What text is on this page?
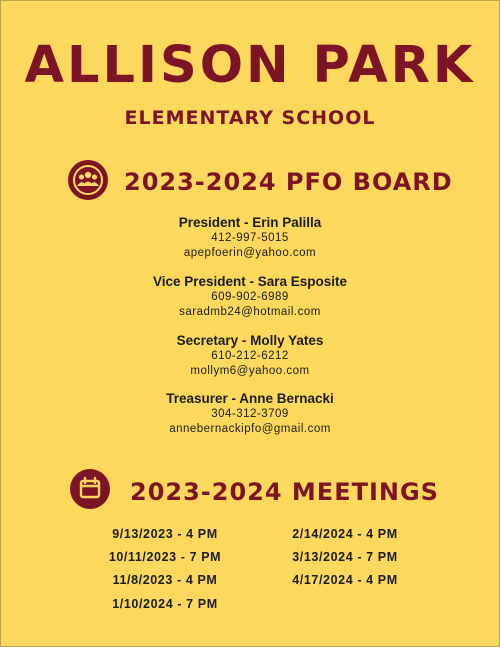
ALLISON PARK
ELEMENTARY SCHOOL
2023-2024 PFO BOARD
President - Erin Palilla
412-997-5015
apepfoerin@yahoo.com
Vice President - Sara Esposite
609-902-6989
saradmb24@hotmail.com
Secretary - Molly Yates
610-212-6212
mollym6@yahoo.com
Treasurer - Anne Bernacki
304-312-3709
annebernackipfo@gmail.com
2023-2024 MEETINGS
9/13/2023 - 4 PM
10/11/2023 - 7 PM
11/8/2023 - 4 PM
1/10/2024 - 7 PM
2/14/2024 - 4 PM
3/13/2024 - 7 PM
4/17/2024 - 4 PM
